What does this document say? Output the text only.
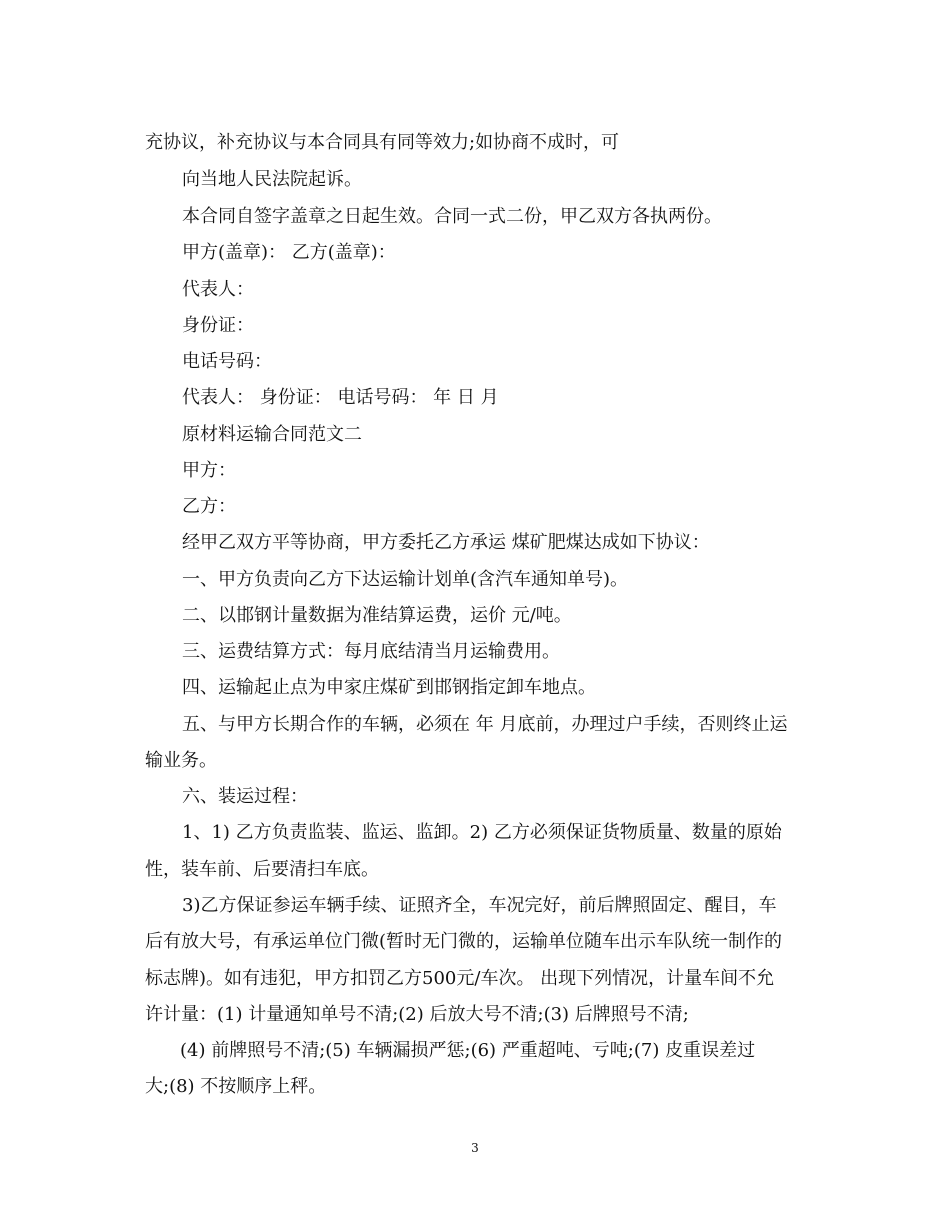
充协议，补充协议与本合同具有同等效力;如协商不成时，可
向当地人民法院起诉。
本合同自签字盖章之日起生效。合同一式二份，甲乙双方各执两份。
甲方(盖章)： 乙方(盖章)：
代表人：
身份证：
电话号码：
代表人： 身份证： 电话号码： 年 日 月
原材料运输合同范文二
甲方：
乙方：
经甲乙双方平等协商，甲方委托乙方承运 煤矿肥煤达成如下协议：
一、甲方负责向乙方下达运输计划单(含汽车通知单号)。
二、以邯钢计量数据为准结算运费，运价 元/吨。
三、运费结算方式：每月底结清当月运输费用。
四、运输起止点为申家庄煤矿到邯钢指定卸车地点。
五、与甲方长期合作的车辆，必须在 年 月底前，办理过户手续，否则终止运
输业务。
六、装运过程：
1、1) 乙方负责监装、监运、监卸。2) 乙方必须保证货物质量、数量的原始
性，装车前、后要清扫车底。
3)乙方保证参运车辆手续、证照齐全，车况完好，前后牌照固定、醒目，车
后有放大号，有承运单位门微(暂时无门微的，运输单位随车出示车队统一制作的
标志牌)。如有违犯，甲方扣罚乙方500元/车次。 出现下列情况，计量车间不允
许计量：(1) 计量通知单号不清;(2) 后放大号不清;(3) 后牌照号不清;
(4) 前牌照号不清;(5) 车辆漏损严惩;(6) 严重超吨、亏吨;(7) 皮重误差过
大;(8) 不按顺序上秤。
3
